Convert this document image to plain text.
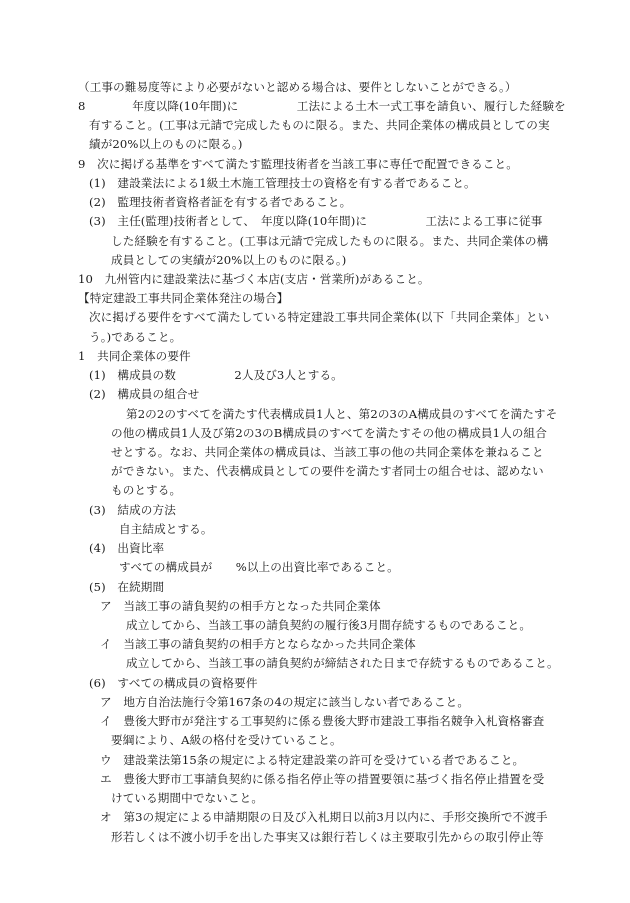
（工事の難易度等により必要がないと認める場合は、要件としないことができる。）
8　　　　年度以降(10年間)に　　　　　工法による土木一式工事を請負い、履行した経験を
有すること。(工事は元請で完成したものに限る。また、共同企業体の構成員としての実
績が20%以上のものに限る。)
9　次に掲げる基準をすべて満たす監理技術者を当該工事に専任で配置できること。
(1)　建設業法による1級土木施工管理技士の資格を有する者であること。
(2)　監理技術者資格者証を有する者であること。
(3)　主任(監理)技術者として、　年度以降(10年間)に　　　　　工法による工事に従事
した経験を有すること。(工事は元請で完成したものに限る。また、共同企業体の構
成員としての実績が20%以上のものに限る。)
10　九州管内に建設業法に基づく本店(支店・営業所)があること。
【特定建設工事共同企業体発注の場合】
次に掲げる要件をすべて満たしている特定建設工事共同企業体(以下「共同企業体」とい
う。)であること。
1　共同企業体の要件
(1)　構成員の数　　　　　2人及び3人とする。
(2)　構成員の組合せ
第2の2のすべてを満たす代表構成員1人と、第2の3のA構成員のすべてを満たすそ
の他の構成員1人及び第2の3のB構成員のすべてを満たすその他の構成員1人の組合
せとする。なお、共同企業体の構成員は、当該工事の他の共同企業体を兼ねること
ができない。また、代表構成員としての要件を満たす者同士の組合せは、認めない
ものとする。
(3)　結成の方法
自主結成とする。
(4)　出資比率
すべての構成員が　　%以上の出資比率であること。
(5)　在続期間
ア　当該工事の請負契約の相手方となった共同企業体
成立してから、当該工事の請負契約の履行後3月間存続するものであること。
イ　当該工事の請負契約の相手方とならなかった共同企業体
成立してから、当該工事の請負契約が締結された日まで存続するものであること。
(6)　すべての構成員の資格要件
ア　地方自治法施行令第167条の4の規定に該当しない者であること。
イ　豊後大野市が発注する工事契約に係る豊後大野市建設工事指名競争入札資格審査
要綱により、A級の格付を受けていること。
ウ　建設業法第15条の規定による特定建設業の許可を受けている者であること。
エ　豊後大野市工事請負契約に係る指名停止等の措置要領に基づく指名停止措置を受
けている期間中でないこと。
オ　第3の規定による申請期限の日及び入札期日以前3月以内に、手形交換所で不渡手
形若しくは不渡小切手を出した事実又は銀行若しくは主要取引先からの取引停止等
